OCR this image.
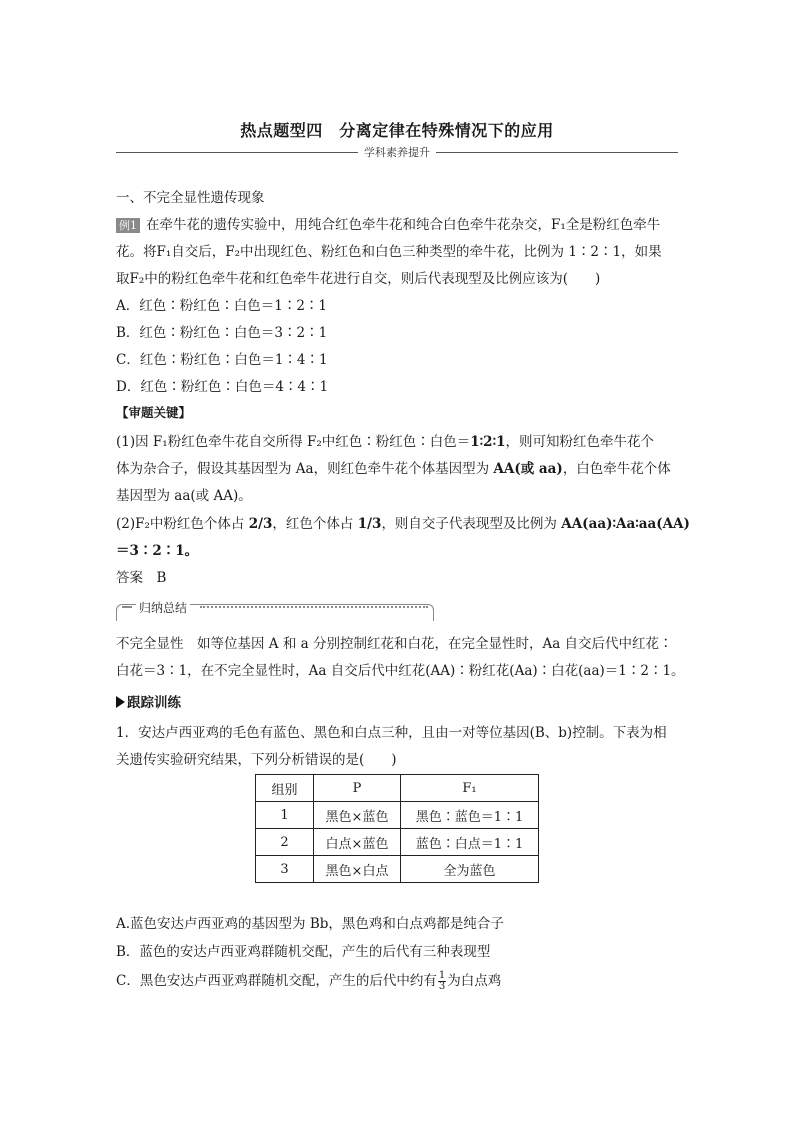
热点题型四　分离定律在特殊情况下的应用
学科素养提升
一、不完全显性遗传现象
例1 在牵牛花的遗传实验中，用纯合红色牵牛花和纯合白色牵牛花杂交，F₁全是粉红色牵牛
花。将F₁自交后，F₂中出现红色、粉红色和白色三种类型的牵牛花，比例为 1∶2∶1，如果
取F₂中的粉红色牵牛花和红色牵牛花进行自交，则后代表现型及比例应该为(　　)
A．红色∶粉红色∶白色＝1∶2∶1
B．红色∶粉红色∶白色＝3∶2∶1
C．红色∶粉红色∶白色＝1∶4∶1
D．红色∶粉红色∶白色＝4∶4∶1
【审题关键】
(1)因 F₁粉红色牵牛花自交所得 F₂中红色∶粉红色∶白色＝1∶2∶1，则可知粉红色牵牛花个
体为杂合子，假设其基因型为 Aa，则红色牵牛花个体基因型为 AA(或 aa)，白色牵牛花个体
基因型为 aa(或 AA)。
(2)F₂中粉红色个体占 2/3，红色个体占 1/3，则自交子代表现型及比例为 AA(aa)∶Aa∶aa(AA)
＝3∶2∶1。
答案　B
归纳总结
不完全显性　如等位基因 A 和 a 分别控制红花和白花，在完全显性时，Aa 自交后代中红花∶
白花＝3∶1，在不完全显性时，Aa 自交后代中红花(AA)∶粉红花(Aa)∶白花(aa)＝1∶2∶1。
跟踪训练
1．安达卢西亚鸡的毛色有蓝色、黑色和白点三种，且由一对等位基因(B、b)控制。下表为相
关遗传实验研究结果，下列分析错误的是(　　)
组别	P	F₁
1	黑色×蓝色	黑色∶蓝色＝1∶1
2	白点×蓝色	蓝色∶白点＝1∶1
3	黑色×白点	全为蓝色
A.蓝色安达卢西亚鸡的基因型为 Bb，黑色鸡和白点鸡都是纯合子
B．蓝色的安达卢西亚鸡群随机交配，产生的后代有三种表现型
C．黑色安达卢西亚鸡群随机交配，产生的后代中约有 $\frac{1}{3}$ 为白点鸡
